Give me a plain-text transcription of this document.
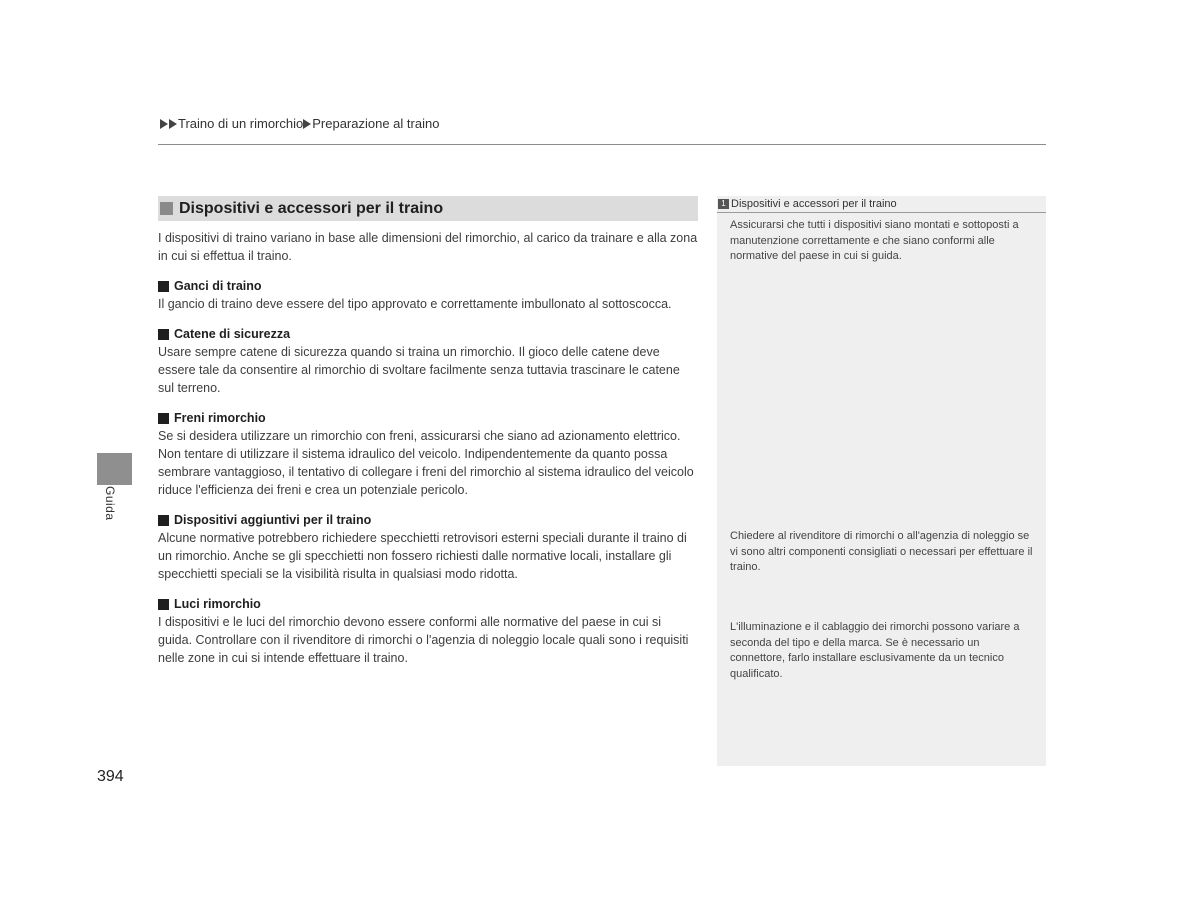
Traino di un rimorchio Preparazione al traino
Guida
Dispositivi e accessori per il traino

I dispositivi di traino variano in base alle dimensioni del rimorchio, al carico da trainare e alla zona in cui si effettua il traino.

Ganci di traino

Il gancio di traino deve essere del tipo approvato e correttamente imbullonato al sottoscocca.

Catene di sicurezza

Usare sempre catene di sicurezza quando si traina un rimorchio. Il gioco delle catene deve essere tale da consentire al rimorchio di svoltare facilmente senza tuttavia trascinare le catene sul terreno.

Freni rimorchio

Se si desidera utilizzare un rimorchio con freni, assicurarsi che siano ad azionamento elettrico. Non tentare di utilizzare il sistema idraulico del veicolo. Indipendentemente da quanto possa sembrare vantaggioso, il tentativo di collegare i freni del rimorchio al sistema idraulico del veicolo riduce l'efficienza dei freni e crea un potenziale pericolo.

Dispositivi aggiuntivi per il traino

Alcune normative potrebbero richiedere specchietti retrovisori esterni speciali durante il traino di un rimorchio. Anche se gli specchietti non fossero richiesti dalle normative locali, installare gli specchietti speciali se la visibilità risulta in qualsiasi modo ridotta.

Luci rimorchio

I dispositivi e le luci del rimorchio devono essere conformi alle normative del paese in cui si guida. Controllare con il rivenditore di rimorchi o l'agenzia di noleggio locale quali sono i requisiti nelle zone in cui si intende effettuare il traino.

1 Dispositivi e accessori per il traino

Assicurarsi che tutti i dispositivi siano montati e sottoposti a manutenzione correttamente e che siano conformi alle normative del paese in cui si guida.

Chiedere al rivenditore di rimorchi o all'agenzia di noleggio se vi sono altri componenti consigliati o necessari per effettuare il traino.

L'illuminazione e il cablaggio dei rimorchi possono variare a seconda del tipo e della marca. Se è necessario un connettore, farlo installare esclusivamente da un tecnico qualificato.

394
